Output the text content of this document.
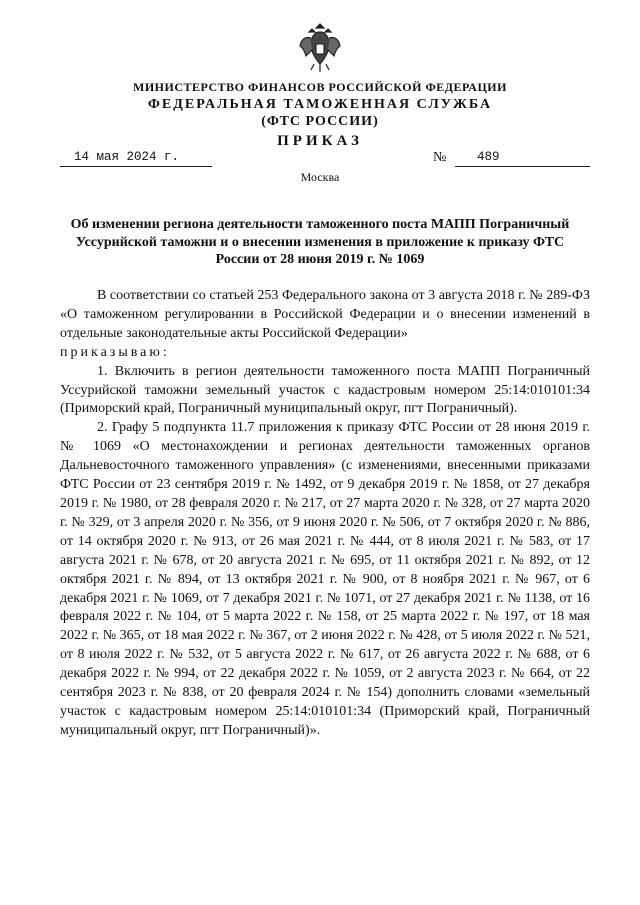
МИНИСТЕРСТВО ФИНАНСОВ РОССИЙСКОЙ ФЕДЕРАЦИИ
ФЕДЕРАЛЬНАЯ ТАМОЖЕННАЯ СЛУЖБА
(ФТС РОССИИ)
ПРИКАЗ
14 мая 2024 г.	№	489
Москва
Об изменении региона деятельности таможенного поста МАПП Пограничный Уссурийской таможни и о внесении изменения в приложение к приказу ФТС России от 28 июня 2019 г. № 1069

В соответствии со статьей 253 Федерального закона от 3 августа 2018 г. № 289-ФЗ «О таможенном регулировании в Российской Федерации и о внесении изменений в отдельные законодательные акты Российской Федерации»

приказываю:

1. Включить в регион деятельности таможенного поста МАПП Пограничный Уссурийской таможни земельный участок с кадастровым номером 25:14:010101:34 (Приморский край, Пограничный муниципальный округ, пгт Пограничный).

2. Графу 5 подпункта 11.7 приложения к приказу ФТС России от 28 июня 2019 г. № 1069 «О местонахождении и регионах деятельности таможенных органов Дальневосточного таможенного управления» (с изменениями, внесенными приказами ФТС России от 23 сентября 2019 г. № 1492, от 9 декабря 2019 г. № 1858, от 27 декабря 2019 г. № 1980, от 28 февраля 2020 г. № 217, от 27 марта 2020 г. № 328, от 27 марта 2020 г. № 329, от 3 апреля 2020 г. № 356, от 9 июня 2020 г. № 506, от 7 октября 2020 г. № 886, от 14 октября 2020 г. № 913, от 26 мая 2021 г. № 444, от 8 июля 2021 г. № 583, от 17 августа 2021 г. № 678, от 20 августа 2021 г. № 695, от 11 октября 2021 г. № 892, от 12 октября 2021 г. № 894, от 13 октября 2021 г. № 900, от 8 ноября 2021 г. № 967, от 6 декабря 2021 г. № 1069, от 7 декабря 2021 г. № 1071, от 27 декабря 2021 г. № 1138, от 16 февраля 2022 г. № 104, от 5 марта 2022 г. № 158, от 25 марта 2022 г. № 197, от 18 мая 2022 г. № 365, от 18 мая 2022 г. № 367, от 2 июня 2022 г. № 428, от 5 июля 2022 г. № 521, от 8 июля 2022 г. № 532, от 5 августа 2022 г. № 617, от 26 августа 2022 г. № 688, от 6 декабря 2022 г. № 994, от 22 декабря 2022 г. № 1059, от 2 августа 2023 г. № 664, от 22 сентября 2023 г. № 838, от 20 февраля 2024 г. № 154) дополнить словами «земельный участок с кадастровым номером 25:14:010101:34 (Приморский край, Пограничный муниципальный округ, пгт Пограничный)».
